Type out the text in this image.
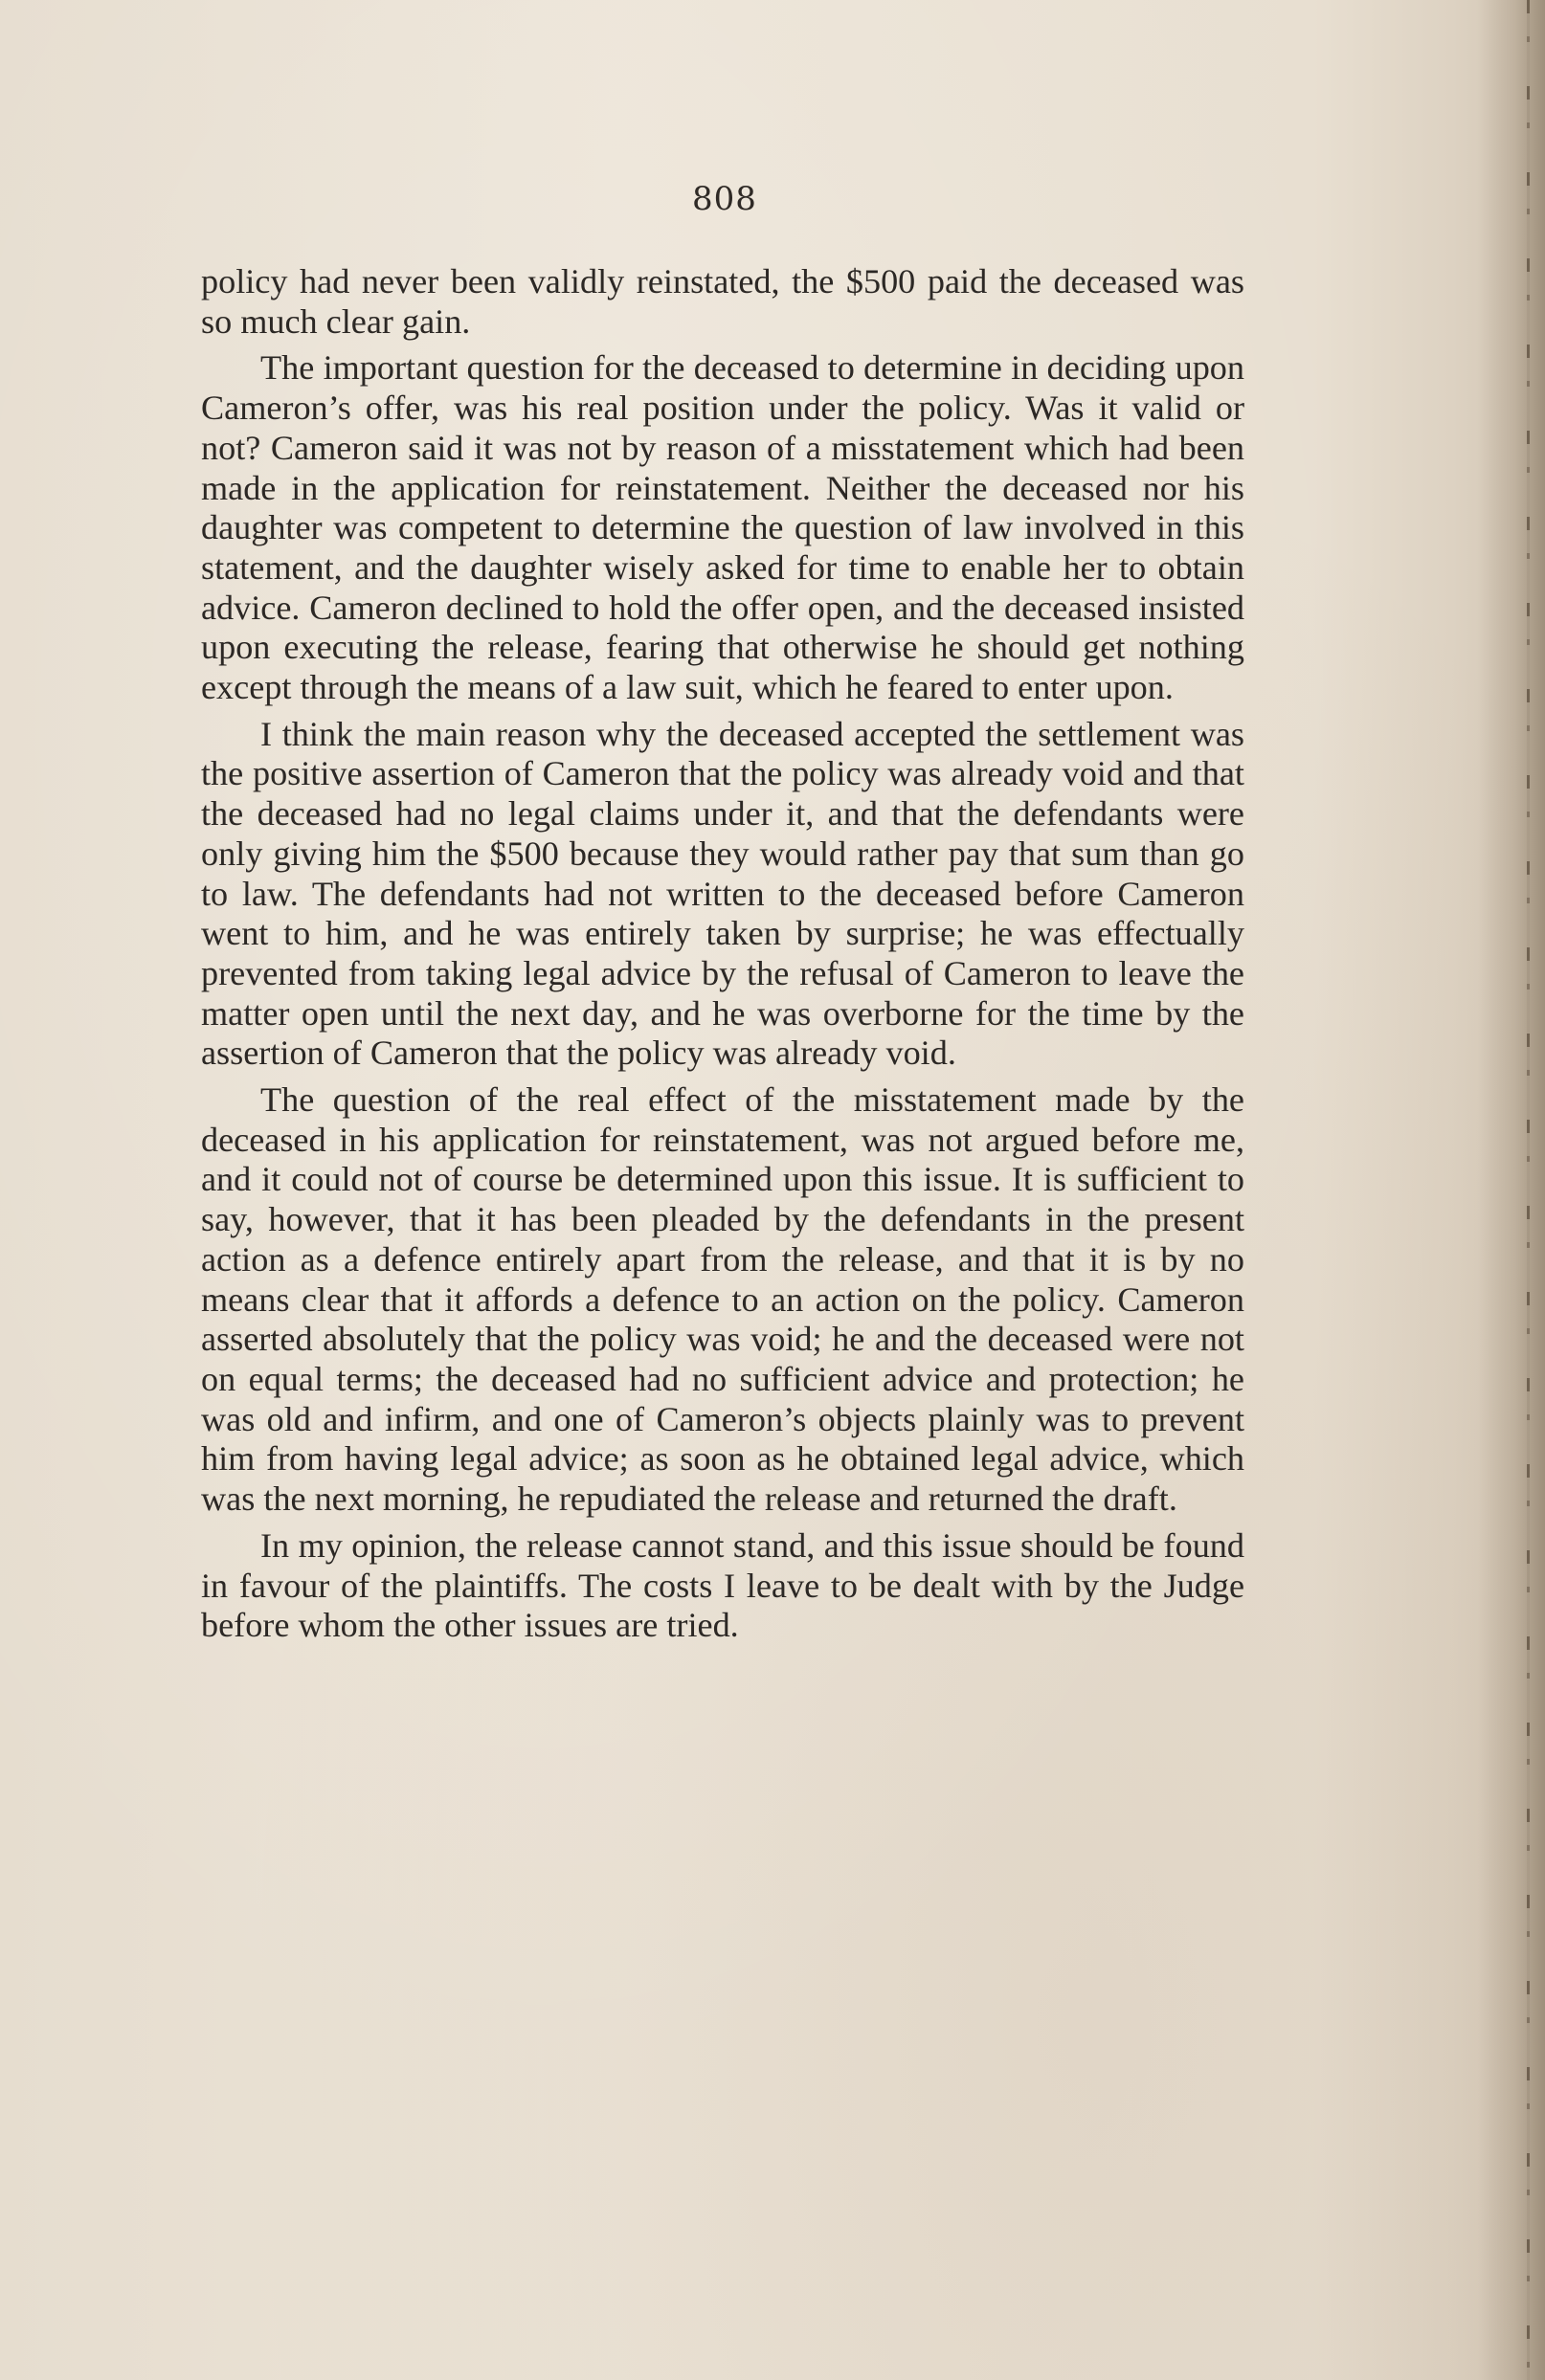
808

policy had never been validly reinstated, the $500 paid the deceased was so much clear gain.

The important question for the deceased to determine in deciding upon Cameron’s offer, was his real position under the policy. Was it valid or not? Cameron said it was not by reason of a misstatement which had been made in the application for reinstatement. Neither the deceased nor his daughter was competent to determine the question of law involved in this statement, and the daughter wisely asked for time to enable her to obtain advice. Cameron declined to hold the offer open, and the deceased insisted upon executing the release, fearing that otherwise he should get nothing except through the means of a law suit, which he feared to enter upon.

I think the main reason why the deceased accepted the settlement was the positive assertion of Cameron that the policy was already void and that the deceased had no legal claims under it, and that the defendants were only giving him the $500 because they would rather pay that sum than go to law. The defendants had not written to the deceased before Cameron went to him, and he was entirely taken by surprise; he was effectually prevented from taking legal advice by the refusal of Cameron to leave the matter open until the next day, and he was overborne for the time by the assertion of Cameron that the policy was already void.

The question of the real effect of the misstatement made by the deceased in his application for reinstatement, was not argued before me, and it could not of course be determined upon this issue. It is sufficient to say, however, that it has been pleaded by the defendants in the present action as a defence entirely apart from the release, and that it is by no means clear that it affords a defence to an action on the policy. Cameron asserted absolutely that the policy was void; he and the deceased were not on equal terms; the deceased had no sufficient advice and protection; he was old and infirm, and one of Cameron’s objects plainly was to prevent him from having legal advice; as soon as he obtained legal advice, which was the next morning, he repudiated the release and returned the draft.

In my opinion, the release cannot stand, and this issue should be found in favour of the plaintiffs. The costs I leave to be dealt with by the Judge before whom the other issues are tried.
